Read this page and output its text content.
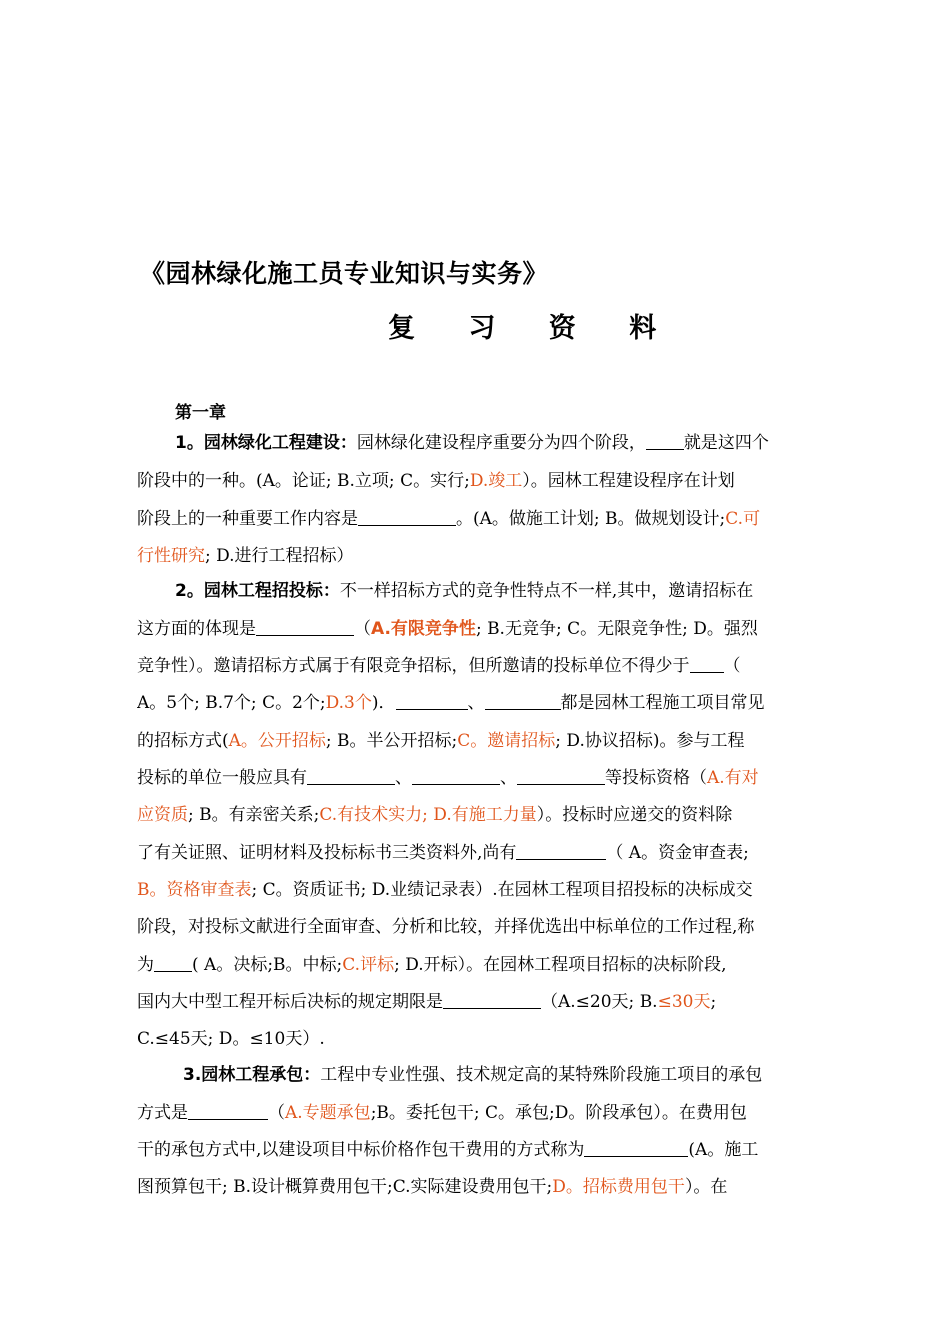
《园林绿化施工员专业知识与实务》
复 习 资 料
第一章
1。园林绿化工程建设：园林绿化建设程序重要分为四个阶段， 就是这四个
阶段中的一种。(A。论证; B.立项; C。实行;D.竣工）。园林工程建设程序在计划
阶段上的一种重要工作内容是	。(A。做施工计划; B。做规划设计;C.可
行性研究; D.进行工程招标）
2。园林工程招投标：不一样招标方式的竞争性特点不一样,其中，邀请招标在
这方面的体现是	（A.有限竞争性; B.无竞争; C。无限竞争性; D。强烈
竞争性）。邀请招标方式属于有限竞争招标，但所邀请的投标单位不得少于 （
A。5个; B.7个; C。2个;D.3个)．	、	都是园林工程施工项目常见
的招标方式(A。公开招标; B。半公开招标;C。邀请招标; D.协议招标)。参与工程
投标的单位一般应具有	、	、	等投标资格（A.有对
应资质; B。有亲密关系;C.有技术实力; D.有施工力量）。投标时应递交的资料除
了有关证照、证明材料及投标标书三类资料外,尚有	（ A。资金审查表;
B。资格审查表; C。资质证书; D.业绩记录表）.在园林工程项目招投标的决标成交
阶段，对投标文献进行全面审查、分析和比较，并择优选出中标单位的工作过程,称
为 ( A。决标;B。中标;C.评标; D.开标）。在园林工程项目招标的决标阶段,
国内大中型工程开标后决标的规定期限是	（A.≤20天; B.≤30天;
C.≤45天; D。≤10天）.
3.园林工程承包：工程中专业性强、技术规定高的某特殊阶段施工项目的承包
方式是	（A.专题承包;B。委托包干; C。承包;D。阶段承包）。在费用包
干的承包方式中,以建设项目中标价格作包干费用的方式称为	(A。施工
图预算包干; B.设计概算费用包干;C.实际建设费用包干;D。招标费用包干）。在
